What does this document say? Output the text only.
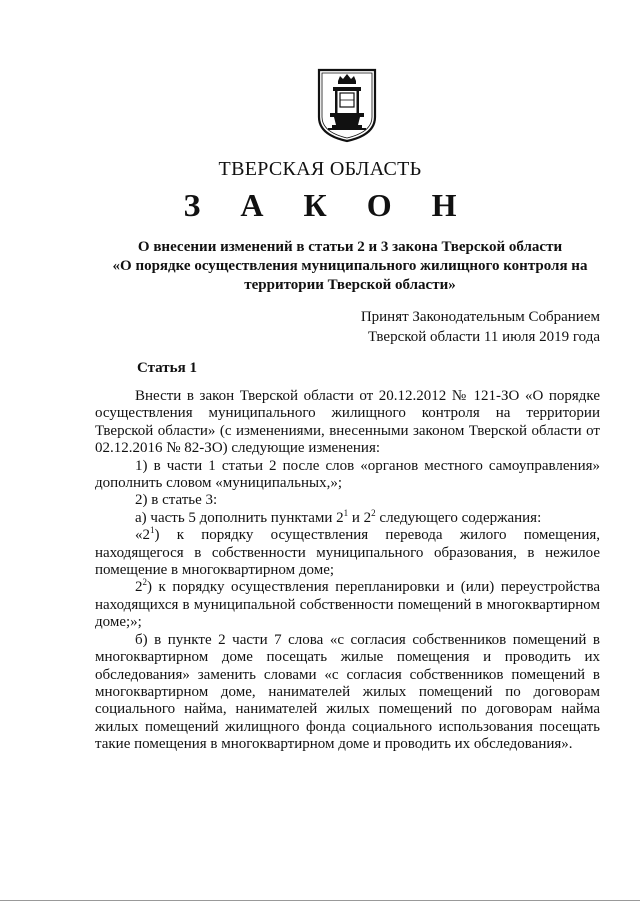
ТВЕРСКАЯ ОБЛАСТЬ
З А К О Н
О внесении изменений в статьи 2 и 3 закона Тверской области
«О порядке осуществления муниципального жилищного контроля на
территории Тверской области»
Принят Законодательным Собранием
Тверской области 11 июля 2019 года
Статья 1

Внести в закон Тверской области от 20.12.2012 № 121-ЗО «О порядке осуществления муниципального жилищного контроля на территории Тверской области» (с изменениями, внесенными законом Тверской области от 02.12.2016 № 82-ЗО) следующие изменения:

1) в части 1 статьи 2 после слов «органов местного самоуправления» дополнить словом «муниципальных,»;

2) в статье 3:

а) часть 5 дополнить пунктами $2^1$ и $2^2$ следующего содержания:

«$2^1$) к порядку осуществления перевода жилого помещения, находящегося в собственности муниципального образования, в нежилое помещение в многоквартирном доме;

$2^2$) к порядку осуществления перепланировки и (или) переустройства находящихся в муниципальной собственности помещений в многоквартирном доме;»;

б) в пункте 2 части 7 слова «с согласия собственников помещений в многоквартирном доме посещать жилые помещения и проводить их обследования» заменить словами «с согласия собственников помещений в многоквартирном доме, нанимателей жилых помещений по договорам социального найма, нанимателей жилых помещений по договорам найма жилых помещений жилищного фонда социального использования посещать такие помещения в многоквартирном доме и проводить их обследования».
